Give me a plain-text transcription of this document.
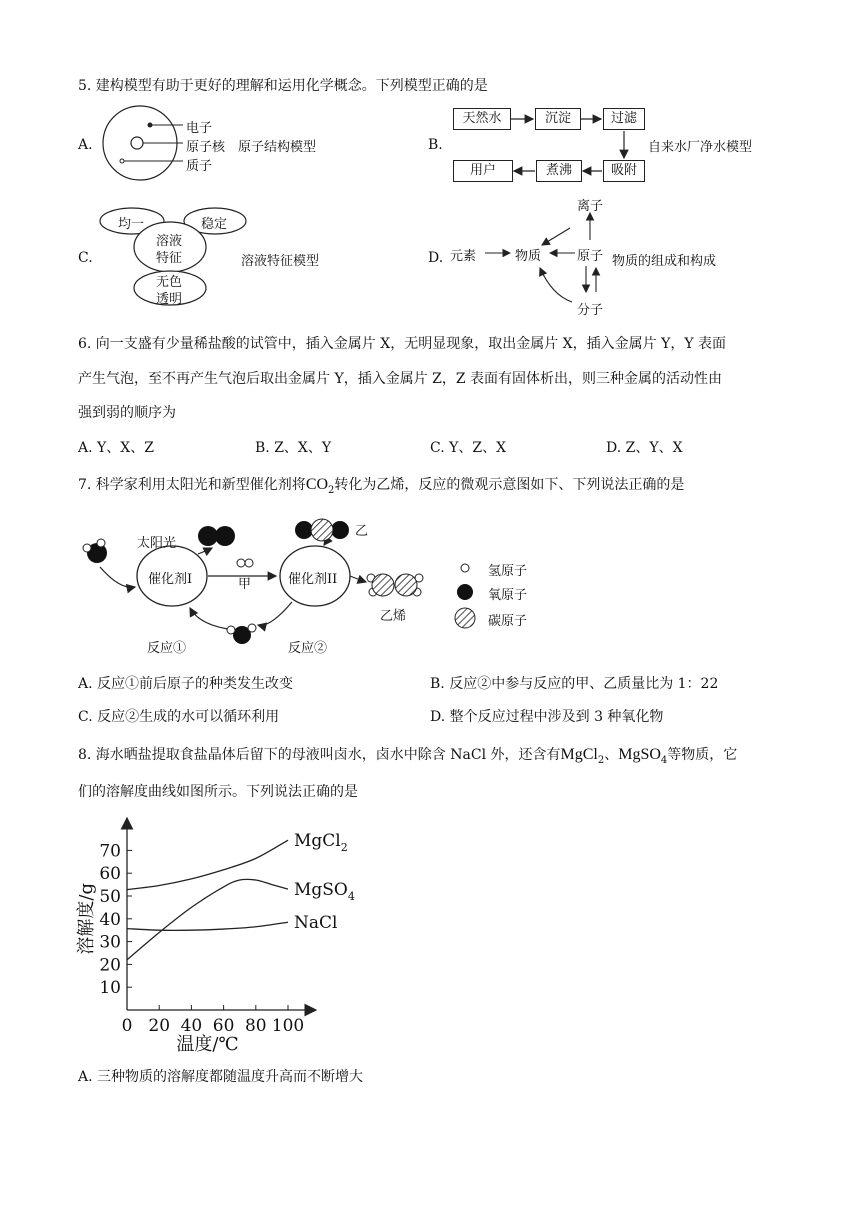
5. 建构模型有助于更好的理解和运用化学概念。下列模型正确的是
A.
电子
原子核
质子
原子结构模型	B.
天然水	沉淀	过滤
吸附
煮沸
用户
自来水厂净水模型
C.
均一	稳定
溶液
特征
无色
透明
溶液特征模型	D.
离子
元素	物质	原子
分子
物质的组成和构成
6. 向一支盛有少量稀盐酸的试管中，插入金属片 X，无明显现象，取出金属片 X，插入金属片 Y，Y 表面
产生气泡，至不再产生气泡后取出金属片 Y，插入金属片 Z，Z 表面有固体析出，则三种金属的活动性由
强到弱的顺序为
A. Y、X、Z	B. Z、X、Y	C. Y、Z、X	D. Z、Y、X
7. 科学家利用太阳光和新型催化剂将$CO_2$转化为乙烯，反应的微观示意图如下、下列说法正确的是
太阳光
催化剂I	催化剂II
甲
乙
乙烯
反应①	反应②
氢原子
氧原子
碳原子
A. 反应①前后原子的种类发生改变	B. 反应②中参与反应的甲、乙质量比为 1：22
C. 反应②生成的水可以循环利用	D. 整个反应过程中涉及到 3 种氧化物
8. 海水晒盐提取食盐晶体后留下的母液叫卤水，卤水中除含 NaCl 外，还含有MgCl$_2$、MgSO$_4$等物质，它
们的溶解度曲线如图所示。下列说法正确的是
10
20
30
40
50
60
70
0 20 40 60 80 100
温度/℃
溶解度/g
MgCl$_2$
MgSO$_4$
NaCl
A. 三种物质的溶解度都随温度升高而不断增大
